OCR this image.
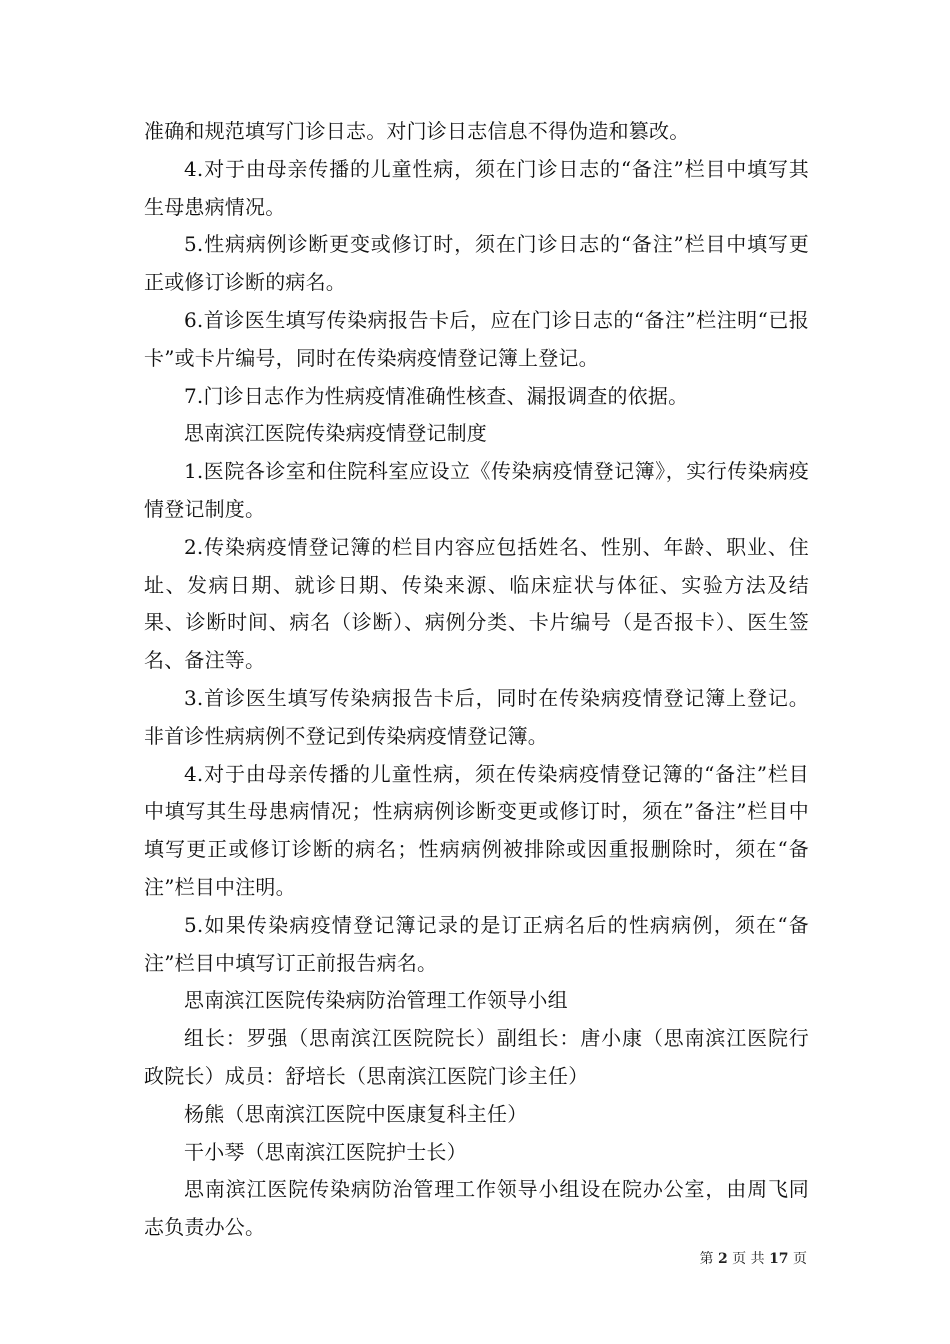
准确和规范填写门诊日志。对门诊日志信息不得伪造和篡改。

4.对于由母亲传播的儿童性病，须在门诊日志的“备注”栏目中填写其生母患病情况。

5.性病病例诊断更变或修订时，须在门诊日志的“备注”栏目中填写更正或修订诊断的病名。

6.首诊医生填写传染病报告卡后，应在门诊日志的“备注”栏注明“已报卡”或卡片编号，同时在传染病疫情登记簿上登记。

7.门诊日志作为性病疫情准确性核查、漏报调查的依据。

思南滨江医院传染病疫情登记制度

1.医院各诊室和住院科室应设立《传染病疫情登记簿》，实行传染病疫情登记制度。

2.传染病疫情登记簿的栏目内容应包括姓名、性别、年龄、职业、住址、发病日期、就诊日期、传染来源、临床症状与体征、实验方法及结果、诊断时间、病名（诊断）、病例分类、卡片编号（是否报卡）、医生签名、备注等。

3.首诊医生填写传染病报告卡后，同时在传染病疫情登记簿上登记。非首诊性病病例不登记到传染病疫情登记簿。

4.对于由母亲传播的儿童性病，须在传染病疫情登记簿的“备注”栏目中填写其生母患病情况；性病病例诊断变更或修订时，须在”备注”栏目中填写更正或修订诊断的病名；性病病例被排除或因重报删除时，须在“备注”栏目中注明。

5.如果传染病疫情登记簿记录的是订正病名后的性病病例，须在“备注”栏目中填写订正前报告病名。

思南滨江医院传染病防治管理工作领导小组

组长：罗强（思南滨江医院院长）副组长：唐小康（思南滨江医院行政院长）成员：舒培长（思南滨江医院门诊主任）

杨熊（思南滨江医院中医康复科主任）

干小琴（思南滨江医院护士长）

思南滨江医院传染病防治管理工作领导小组设在院办公室，由周飞同志负责办公。

第 2 页 共 17 页
